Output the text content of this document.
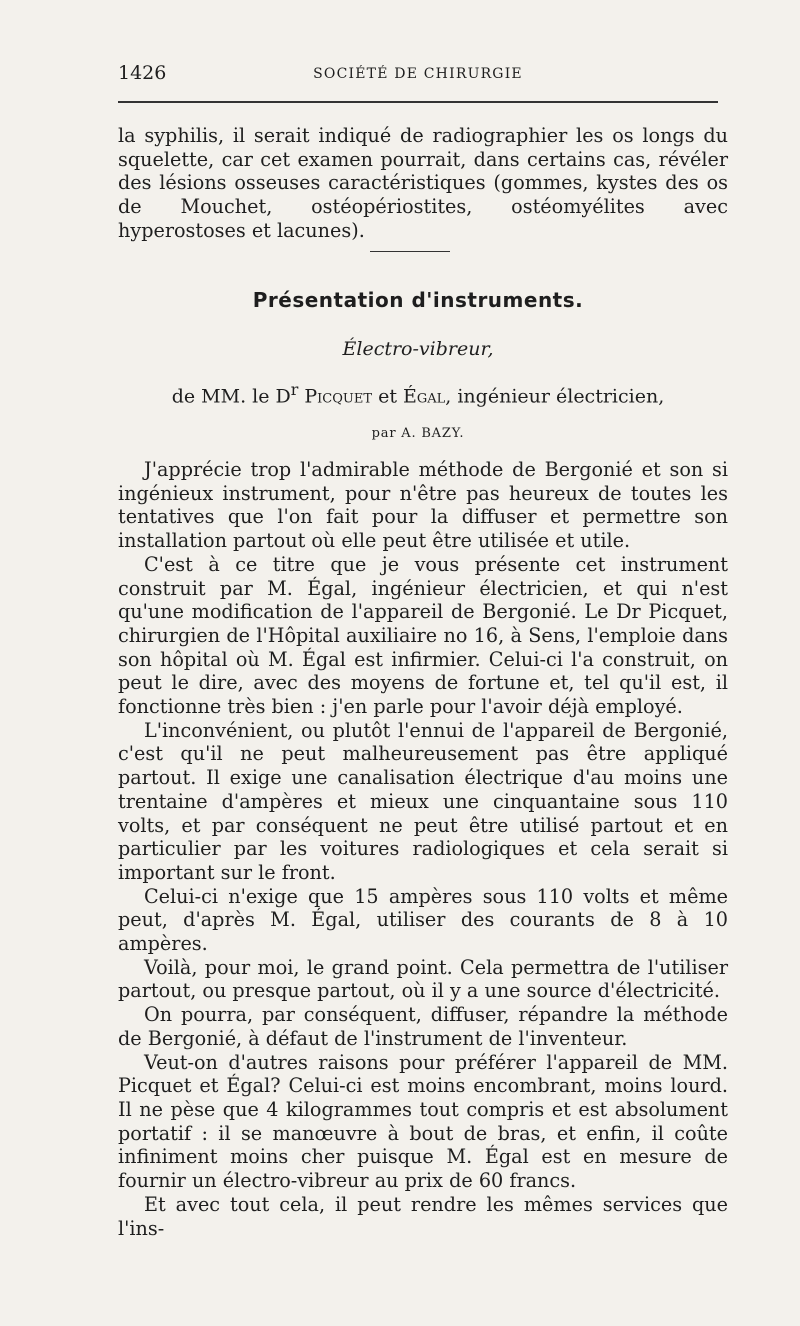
1426	SOCIÉTÉ DE CHIRURGIE

la syphilis, il serait indiqué de radiographier les os longs du squelette, car cet examen pourrait, dans certains cas, révéler des lésions osseuses caractéristiques (gommes, kystes des os de Mouchet, ostéopériostites, ostéomyélites avec hyperostoses et lacunes).

Présentation d'instruments.
Électro-vibreur,
de MM. le $D^r$ Picquet et Égal, ingénieur électricien,
par A. BAZY.

J'apprécie trop l'admirable méthode de Bergonié et son si ingénieux instrument, pour n'être pas heureux de toutes les tentatives que l'on fait pour la diffuser et permettre son installation partout où elle peut être utilisée et utile.

C'est à ce titre que je vous présente cet instrument construit par M. Égal, ingénieur électricien, et qui n'est qu'une modification de l'appareil de Bergonié. Le Dr Picquet, chirurgien de l'Hôpital auxiliaire no 16, à Sens, l'emploie dans son hôpital où M. Égal est infirmier. Celui-ci l'a construit, on peut le dire, avec des moyens de fortune et, tel qu'il est, il fonctionne très bien : j'en parle pour l'avoir déjà employé.

L'inconvénient, ou plutôt l'ennui de l'appareil de Bergonié, c'est qu'il ne peut malheureusement pas être appliqué partout. Il exige une canalisation électrique d'au moins une trentaine d'ampères et mieux une cinquantaine sous 110 volts, et par conséquent ne peut être utilisé partout et en particulier par les voitures radiologiques et cela serait si important sur le front.

Celui-ci n'exige que 15 ampères sous 110 volts et même peut, d'après M. Égal, utiliser des courants de 8 à 10 ampères.

Voilà, pour moi, le grand point. Cela permettra de l'utiliser partout, ou presque partout, où il y a une source d'électricité.

On pourra, par conséquent, diffuser, répandre la méthode de Bergonié, à défaut de l'instrument de l'inventeur.

Veut-on d'autres raisons pour préférer l'appareil de MM. Picquet et Égal? Celui-ci est moins encombrant, moins lourd. Il ne pèse que 4 kilogrammes tout compris et est absolument portatif : il se manœuvre à bout de bras, et enfin, il coûte infiniment moins cher puisque M. Égal est en mesure de fournir un électro-vibreur au prix de 60 francs.

Et avec tout cela, il peut rendre les mêmes services que l'ins-
